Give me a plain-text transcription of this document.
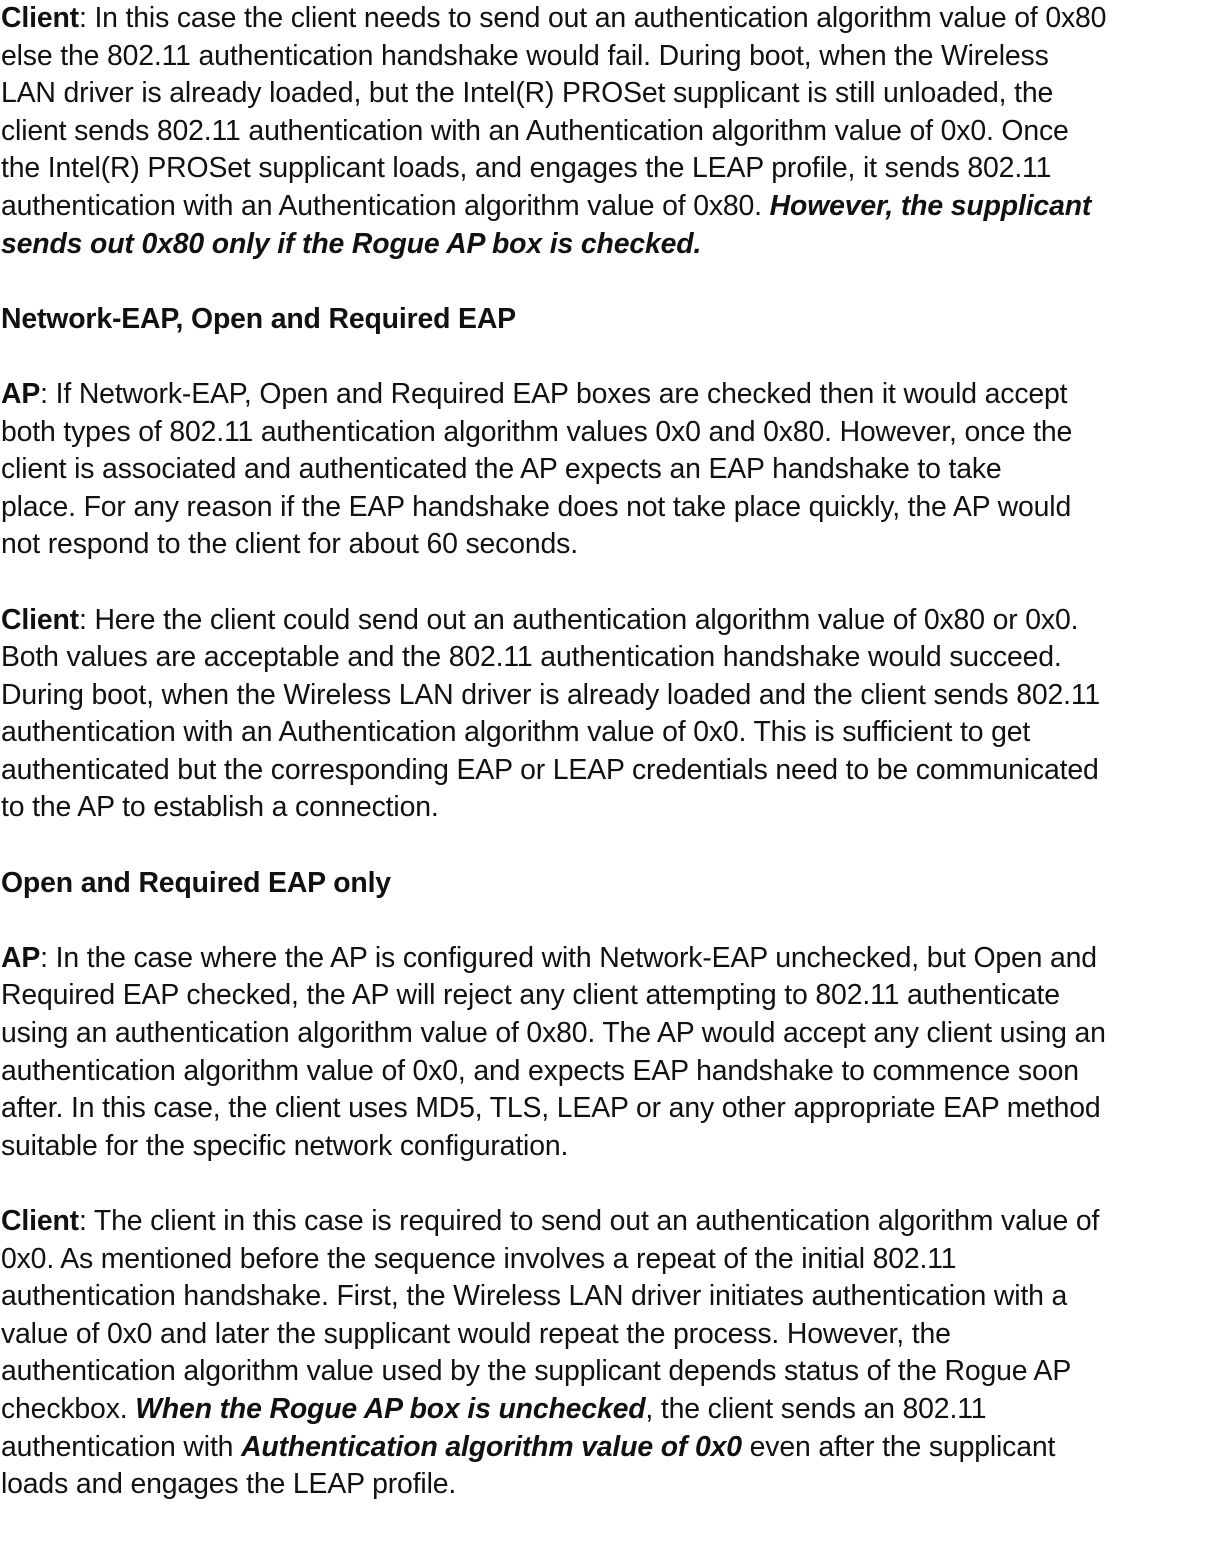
Client: In this case the client needs to send out an authentication algorithm value of 0x80
else the 802.11 authentication handshake would fail. During boot, when the Wireless
LAN driver is already loaded, but the Intel(R) PROSet supplicant is still unloaded, the
client sends 802.11 authentication with an Authentication algorithm value of 0x0. Once
the Intel(R) PROSet supplicant loads, and engages the LEAP profile, it sends 802.11
authentication with an Authentication algorithm value of 0x80. However, the supplicant
sends out 0x80 only if the Rogue AP box is checked.

Network-EAP, Open and Required EAP

AP: If Network-EAP, Open and Required EAP boxes are checked then it would accept
both types of 802.11 authentication algorithm values 0x0 and 0x80. However, once the
client is associated and authenticated the AP expects an EAP handshake to take
place. For any reason if the EAP handshake does not take place quickly, the AP would
not respond to the client for about 60 seconds.

Client: Here the client could send out an authentication algorithm value of 0x80 or 0x0.
Both values are acceptable and the 802.11 authentication handshake would succeed.
During boot, when the Wireless LAN driver is already loaded and the client sends 802.11
authentication with an Authentication algorithm value of 0x0. This is sufficient to get
authenticated but the corresponding EAP or LEAP credentials need to be communicated
to the AP to establish a connection.

Open and Required EAP only

AP: In the case where the AP is configured with Network-EAP unchecked, but Open and
Required EAP checked, the AP will reject any client attempting to 802.11 authenticate
using an authentication algorithm value of 0x80. The AP would accept any client using an
authentication algorithm value of 0x0, and expects EAP handshake to commence soon
after. In this case, the client uses MD5, TLS, LEAP or any other appropriate EAP method
suitable for the specific network configuration.

Client: The client in this case is required to send out an authentication algorithm value of
0x0. As mentioned before the sequence involves a repeat of the initial 802.11
authentication handshake. First, the Wireless LAN driver initiates authentication with a
value of 0x0 and later the supplicant would repeat the process. However, the
authentication algorithm value used by the supplicant depends status of the Rogue AP
checkbox. When the Rogue AP box is unchecked, the client sends an 802.11
authentication with Authentication algorithm value of 0x0 even after the supplicant
loads and engages the LEAP profile.
